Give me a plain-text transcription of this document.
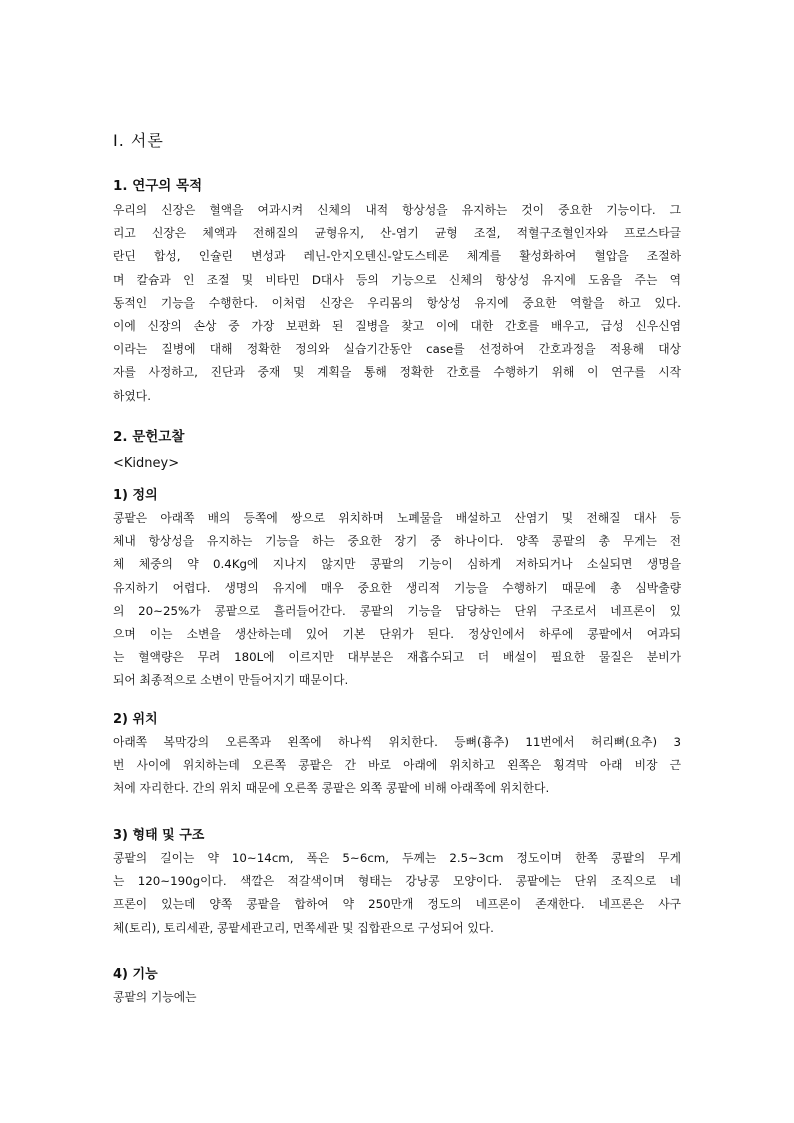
Ⅰ. 서론
1. 연구의 목적
우리의 신장은 혈액을 여과시켜 신체의 내적 항상성을 유지하는 것이 중요한 기능이다. 그
리고 신장은 체액과 전해질의 균형유지, 산-염기 균형 조절, 적혈구조혈인자와 프로스타글
란딘 합성, 인슐린 변성과 레닌-안지오텐신-알도스테론 체계를 활성화하여 혈압을 조절하
며 칼슘과 인 조절 및 비타민 D대사 등의 기능으로 신체의 항상성 유지에 도움을 주는 역
동적인 기능을 수행한다. 이처럼 신장은 우리몸의 항상성 유지에 중요한 역할을 하고 있다.
이에 신장의 손상 중 가장 보편화 된 질병을 찾고 이에 대한 간호를 배우고, 급성 신우신염
이라는 질병에 대해 정확한 정의와 실습기간동안 case를 선정하여 간호과정을 적용해 대상
자를 사정하고, 진단과 중재 및 계획을 통해 정확한 간호를 수행하기 위해 이 연구를 시작
하였다.
2. 문헌고찰
<Kidney>
1) 정의
콩팥은 아래쪽 배의 등쪽에 쌍으로 위치하며 노폐물을 배설하고 산염기 및 전해질 대사 등
체내 항상성을 유지하는 기능을 하는 중요한 장기 중 하나이다. 양쪽 콩팥의 총 무게는 전
체 체중의 약 0.4Kg에 지나지 않지만 콩팥의 기능이 심하게 저하되거나 소실되면 생명을
유지하기 어렵다. 생명의 유지에 매우 중요한 생리적 기능을 수행하기 때문에 총 심박출량
의 20~25%가 콩팥으로 흘러들어간다. 콩팥의 기능을 담당하는 단위 구조로서 네프론이 있
으며 이는 소변을 생산하는데 있어 기본 단위가 된다. 정상인에서 하루에 콩팥에서 여과되
는 혈액량은 무려 180L에 이르지만 대부분은 재흡수되고 더 배설이 필요한 물질은 분비가
되어 최종적으로 소변이 만들어지기 때문이다.
2) 위치
아래쪽 복막강의 오른쪽과 왼쪽에 하나씩 위치한다. 등뼈(흉추) 11번에서 허리뼈(요추) 3
번 사이에 위치하는데 오른쪽 콩팥은 간 바로 아래에 위치하고 왼쪽은 횡격막 아래 비장 근
처에 자리한다. 간의 위치 때문에 오른쪽 콩팥은 외쪽 콩팥에 비해 아래쪽에 위치한다.
3) 형태 및 구조
콩팥의 길이는 약 10~14cm, 폭은 5~6cm, 두께는 2.5~3cm 정도이며 한쪽 콩팥의 무게
는 120~190g이다. 색깔은 적갈색이며 형태는 강낭콩 모양이다. 콩팥에는 단위 조직으로 네
프론이 있는데 양쪽 콩팥을 합하여 약 250만개 정도의 네프론이 존재한다. 네프론은 사구
체(토리), 토리세관, 콩팥세관고리, 먼쪽세관 및 집합관으로 구성되어 있다.
4) 기능
콩팥의 기능에는
